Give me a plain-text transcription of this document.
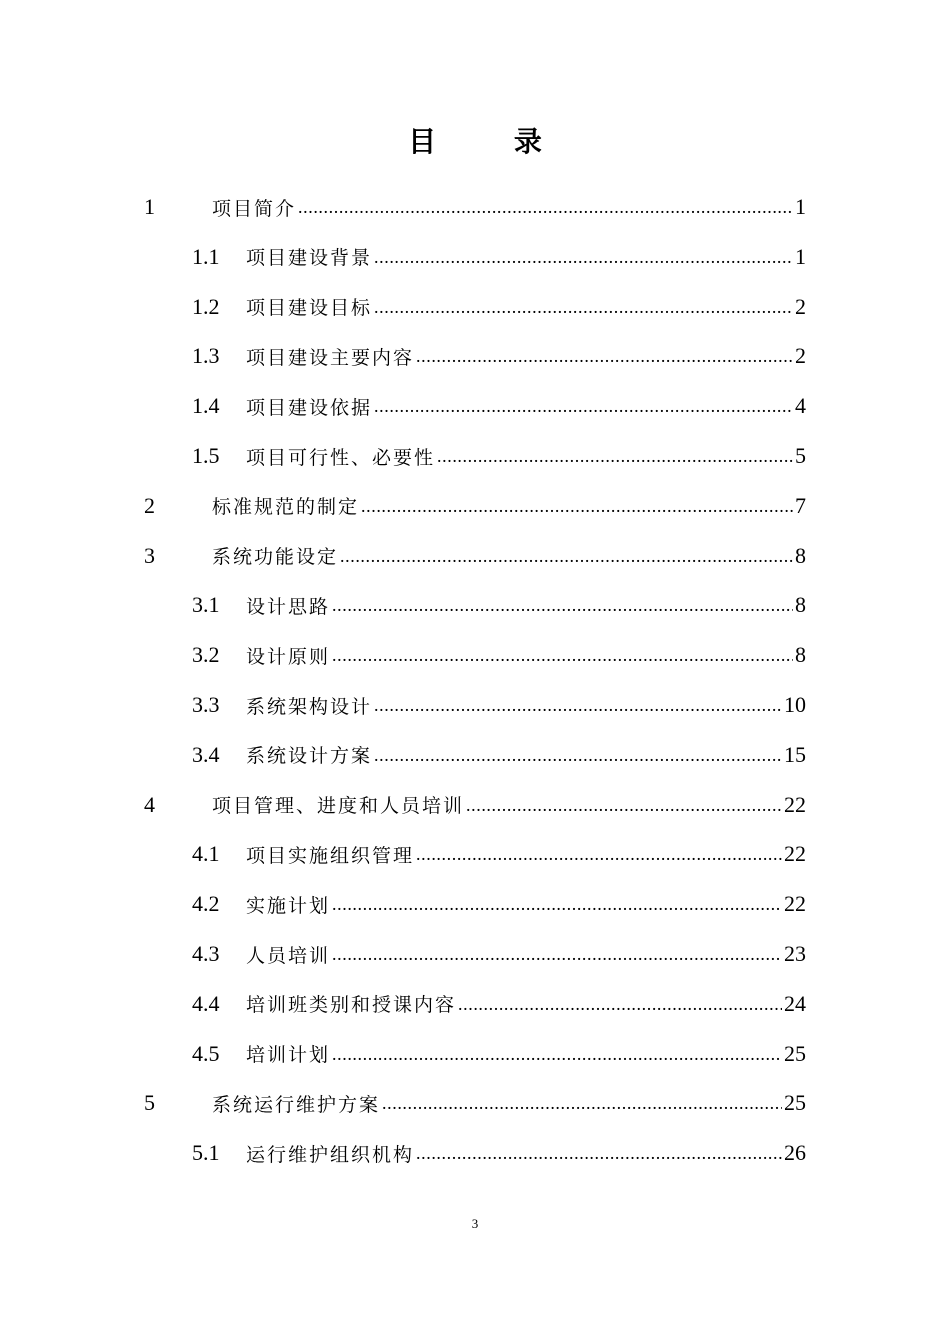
目 录
1	项目简介 .....	1
1.1	项目建设背景 .....	1
1.2	项目建设目标 .....	2
1.3	项目建设主要内容 .....	2
1.4	项目建设依据 .....	4
1.5	项目可行性、必要性 .....	5
2	标准规范的制定 .....	7
3	系统功能设定 .....	8
3.1	设计思路 .....	8
3.2	设计原则 .....	8
3.3	系统架构设计 .....	10
3.4	系统设计方案 .....	15
4	项目管理、进度和人员培训 .....	22
4.1	项目实施组织管理 .....	22
4.2	实施计划 .....	22
4.3	人员培训 .....	23
4.4	培训班类别和授课内容 .....	24
4.5	培训计划 .....	25
5	系统运行维护方案 .....	25
5.1	运行维护组织机构 .....	26
3
